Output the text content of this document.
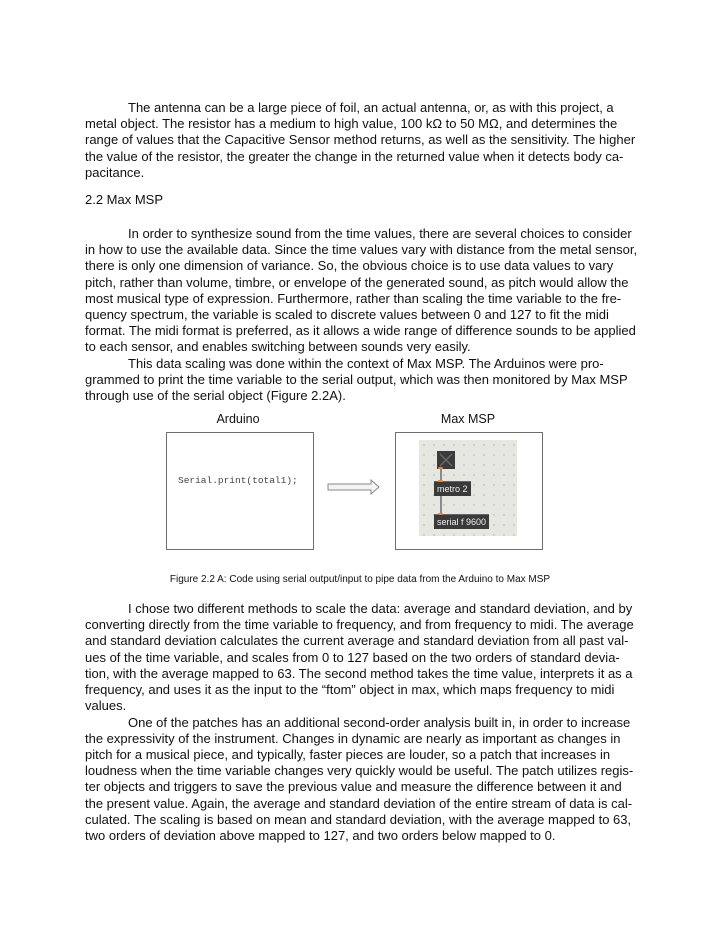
The antenna can be a large piece of foil, an actual antenna, or, as with this project, a
metal object. The resistor has a medium to high value, 100 kΩ to 50 MΩ, and determines the
range of values that the Capacitive Sensor method returns, as well as the sensitivity. The higher
the value of the resistor, the greater the change in the returned value when it detects body ca-
pacitance.
2.2 Max MSP
In order to synthesize sound from the time values, there are several choices to consider
in how to use the available data. Since the time values vary with distance from the metal sensor,
there is only one dimension of variance. So, the obvious choice is to use data values to vary
pitch, rather than volume, timbre, or envelope of the generated sound, as pitch would allow the
most musical type of expression. Furthermore, rather than scaling the time variable to the fre-
quency spectrum, the variable is scaled to discrete values between 0 and 127 to fit the midi
format. The midi format is preferred, as it allows a wide range of difference sounds to be applied
to each sensor, and enables switching between sounds very easily.
This data scaling was done within the context of Max MSP. The Arduinos were pro-
grammed to print the time variable to the serial output, which was then monitored by Max MSP
through use of the serial object (Figure 2.2A).
Arduino	Max MSP
Serial.print(total1);
metro 2
serial f 9600
Figure 2.2 A: Code using serial output/input to pipe data from the Arduino to Max MSP
I chose two different methods to scale the data: average and standard deviation, and by
converting directly from the time variable to frequency, and from frequency to midi. The average
and standard deviation calculates the current average and standard deviation from all past val-
ues of the time variable, and scales from 0 to 127 based on the two orders of standard devia-
tion, with the average mapped to 63. The second method takes the time value, interprets it as a
frequency, and uses it as the input to the “ftom” object in max, which maps frequency to midi
values.
One of the patches has an additional second-order analysis built in, in order to increase
the expressivity of the instrument. Changes in dynamic are nearly as important as changes in
pitch for a musical piece, and typically, faster pieces are louder, so a patch that increases in
loudness when the time variable changes very quickly would be useful. The patch utilizes regis-
ter objects and triggers to save the previous value and measure the difference between it and
the present value. Again, the average and standard deviation of the entire stream of data is cal-
culated. The scaling is based on mean and standard deviation, with the average mapped to 63,
two orders of deviation above mapped to 127, and two orders below mapped to 0.
